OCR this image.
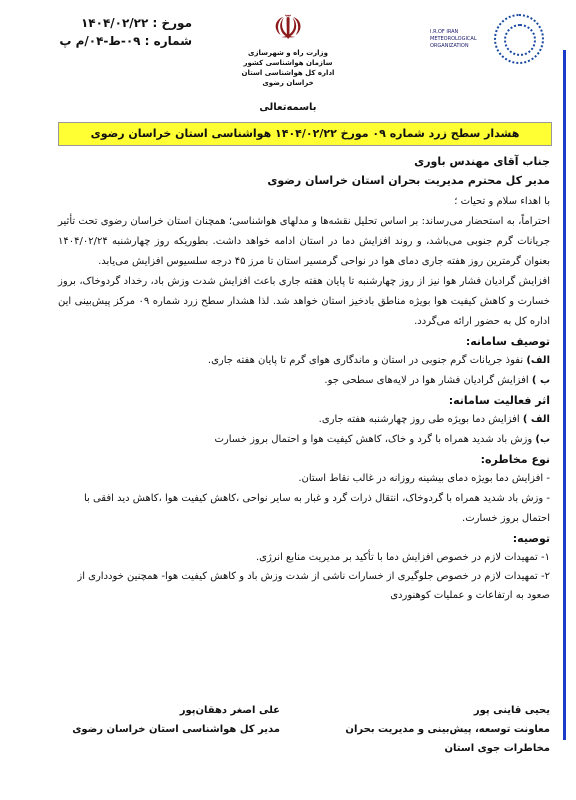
مورخ : ۱۴۰۴/۰۲/۲۲
شماره : ۰۹-ط-۰۴/م پ	☫
وزارت راه و شهرسازی
سازمان هواشناسی کشور
اداره کل هواشناسی استان خراسان رضوی
I.R.OF IRAN
METEOROLOGICAL
ORGANIZATION
باسمه‌تعالی
هشدار سطح زرد شماره ۰۹ مورخ ۱۴۰۴/۰۲/۲۲ هواشناسی استان خراسان رضوی
جناب آقای مهندس باوری
مدیر کل محترم مدیریت بحران استان خراسان رضوی
با اهداء سلام و تحیات ؛
احتراماً، به استحضار می‌رساند: بر اساس تحلیل نقشه‌ها و مدلهای هواشناسی؛ همچنان استان خراسان رضوی تحت تأثیر جریانات گرم جنوبی می‌باشد، و روند افزایش دما در استان ادامه خواهد داشت. بطوریکه روز چهارشنبه ۱۴۰۴/۰۲/۲۴ بعنوان گرمترین روز هفته جاری دمای هوا در نواحی گرمسیر استان تا مرز ۴۵ درجه سلسیوس افزایش می‌یابد.
افزایش گرادیان فشار هوا نیز از روز چهارشنبه تا پایان هفته جاری باعث افزایش شدت وزش باد، رخداد گردوخاک، بروز خسارت و کاهش کیفیت هوا بویژه مناطق بادخیز استان خواهد شد. لذا هشدار سطح زرد شماره ۰۹ مرکز پیش‌بینی این اداره کل به حضور ارائه می‌گردد.
توصیف سامانه:
الف) نفوذ جریانات گرم جنوبی در استان و ماندگاری هوای گرم تا پایان هفته جاری.
ب ) افزایش گرادیان فشار هوا در لایه‌های سطحی جو.
اثر فعالیت سامانه:
الف ) افزایش دما بویژه طی روز چهارشنبه هفته جاری.
ب) وزش باد شدید همراه با گرد و خاک، کاهش کیفیت هوا و احتمال بروز خسارت
نوع مخاطره:
- افزایش دما بویژه دمای بیشینه روزانه در غالب نقاط استان.
- وزش باد شدید همراه با گردوخاک، انتقال ذرات گرد و غبار به سایر نواحی ،کاهش کیفیت هوا ،کاهش دید افقی با احتمال بروز خسارت.
توصیه:
۱- تمهیدات لازم در خصوص افزایش دما با تأکید بر مدیریت منابع انرژی.
۲- تمهیدات لازم در خصوص جلوگیری از خسارات ناشی از شدت وزش باد و کاهش کیفیت هوا- همچنین خودداری از صعود به ارتفاعات و عملیات کوهنوردی
یحیی قاینی پور
معاونت توسعه، پیش‌بینی و مدیریت بحران
مخاطرات جوی استان
علی اصغر دهقان‌پور
مدیر کل هواشناسی استان خراسان رضوی
